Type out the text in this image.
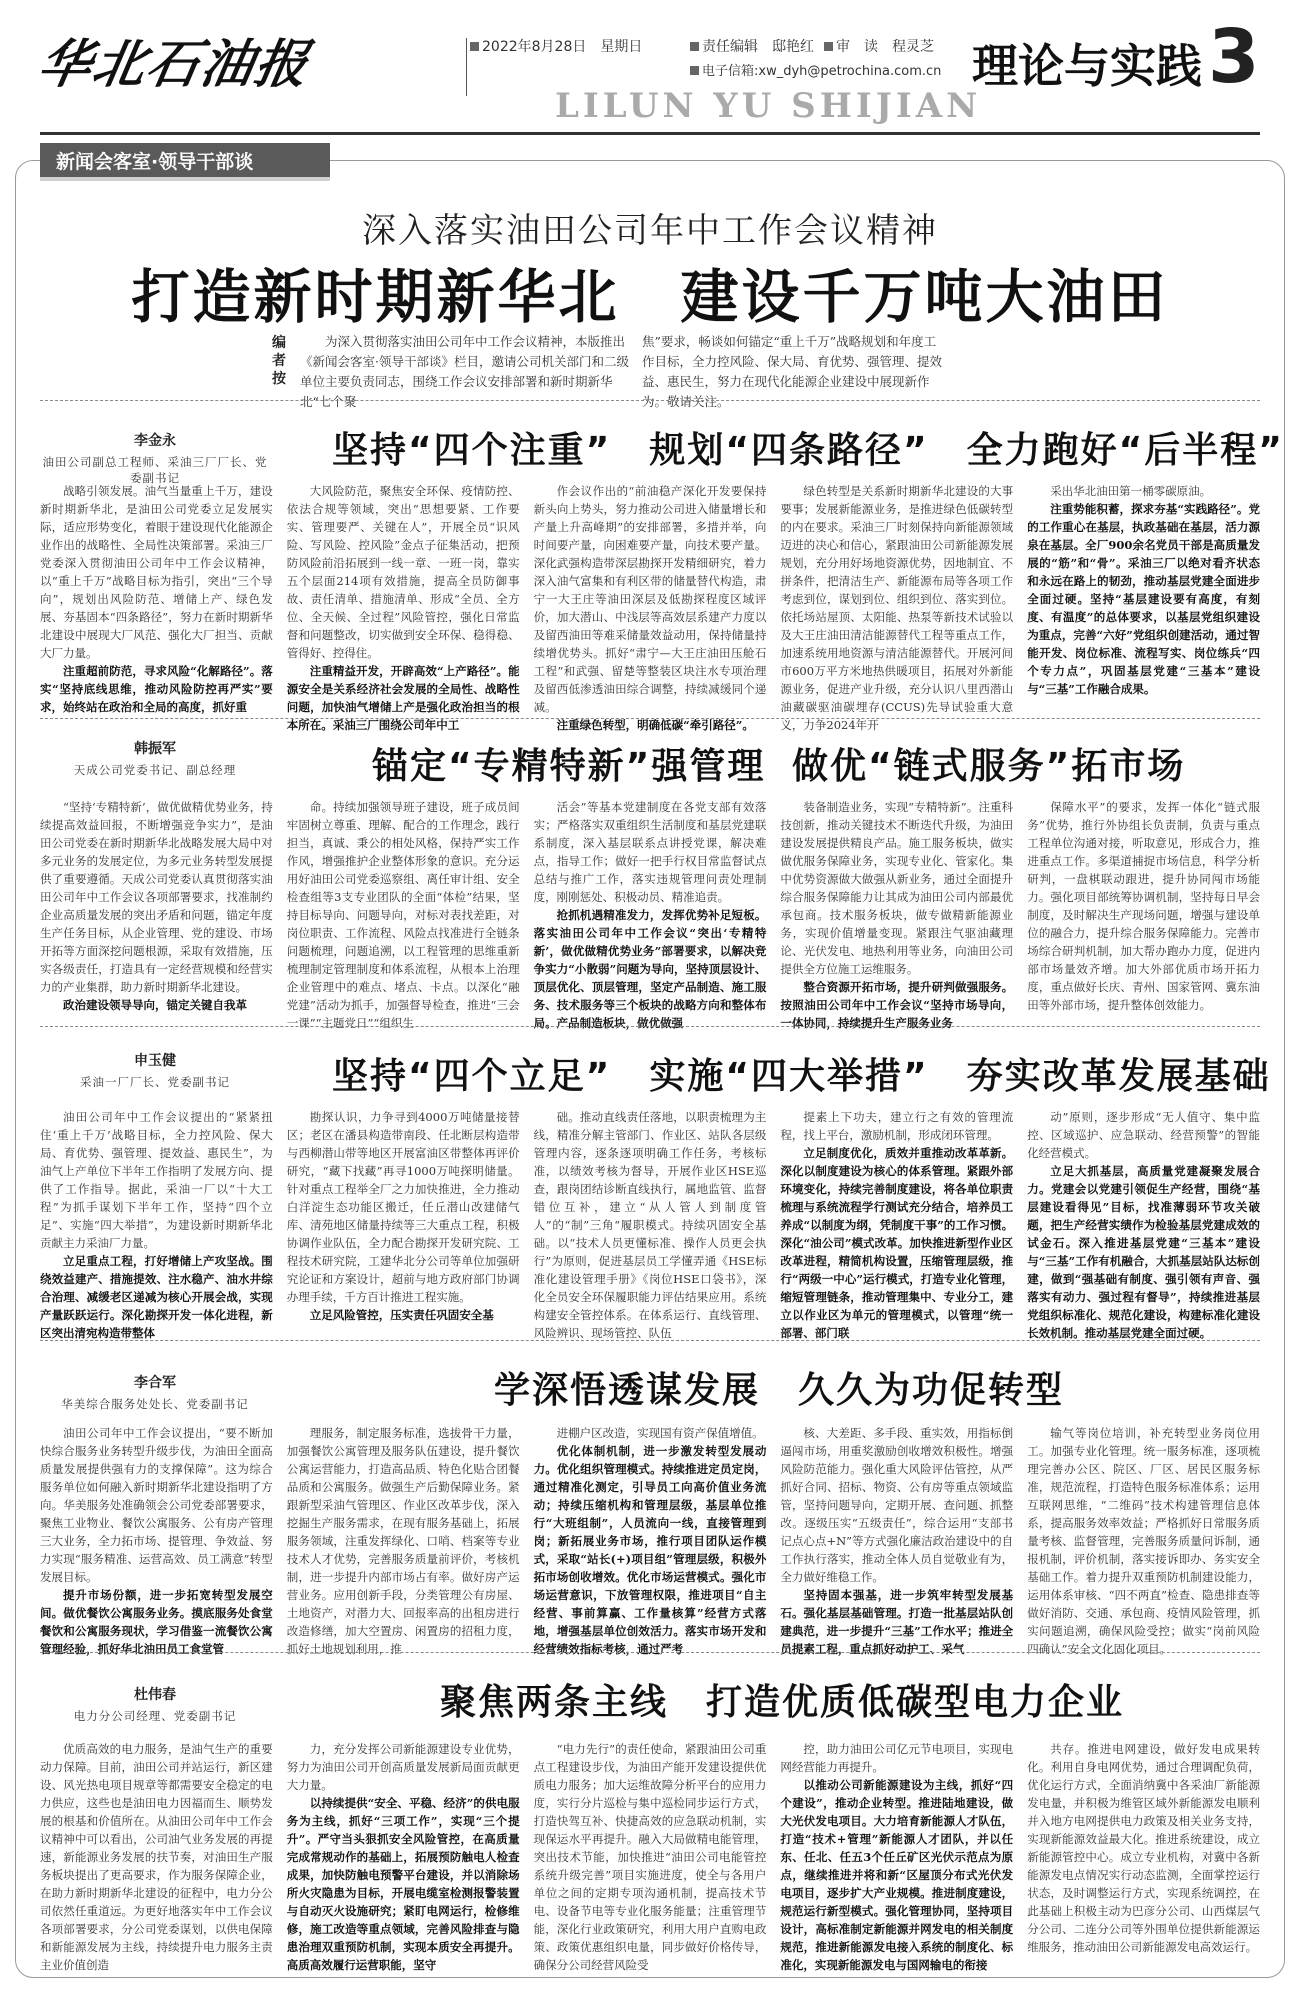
华北石油报	2022年8月28日　星期日	责任编辑　邸艳红 审　读　程灵芝
电子信箱:xw_dyh@petrochina.com.cn
LILUN YU SHIJIAN
理论与实践 3
新闻会客室·领导干部谈
深入落实油田公司年中工作会议精神
打造新时期新华北　建设千万吨大油田
编者按
为深入贯彻落实油田公司年中工作会议精神，本版推出《新闻会客室·领导干部谈》栏目，邀请公司机关部门和二级单位主要负责同志，围绕工作会议安排部署和新时期新华北“七个聚
焦”要求，畅谈如何锚定“重上千万”战略规划和年度工作目标，全力控风险、保大局、育优势、强管理、提效益、惠民生，努力在现代化能源企业建设中展现新作为。敬请关注。
李金永
油田公司副总工程师、采油三厂厂长、党委副书记
坚持“四个注重”　规划“四条路径”　全力跑好“后半程”

战略引领发展。油气当量重上千万，建设新时期新华北，是油田公司党委立足发展实际，适应形势变化，着眼于建设现代化能源企业作出的战略性、全局性决策部署。采油三厂党委深入贯彻油田公司年中工作会议精神，以“重上千万”战略目标为指引，突出“三个导向”，规划出风险防范、增储上产、绿色发展、夯基固本“四条路径”，努力在新时期新华北建设中展现大厂风范、强化大厂担当、贡献大厂力量。

注重超前防范，寻求风险“化解路径”。落实“坚持底线思维，推动风险防控再严实”要求，始终站在政治和全局的高度，抓好重

大风险防范，聚焦安全环保、疫情防控、依法合规等领域，突出“思想要紧、工作要实、管理要严、关键在人”，开展全员“识风险、写风险、控风险”金点子征集活动，把预防风险前沿拓展到一线一章、一班一岗，靠实五个层面214项有效措施，提高全员防御事故、责任清单、措施清单、形成“全员、全方位、全天候、全过程”风险管控，强化日常监督和问题整改，切实做到安全环保、稳得稳、管得好、控得住。

注重精益开发，开辟高效“上产路径”。能源安全是关系经济社会发展的全局性、战略性问题，加快油气增储上产是强化政治担当的根本所在。采油三厂围绕公司年中工

作会议作出的“前油稳产深化开发要保持新头向上势头，努力推动公司进入储量增长和产量上升高峰期”的安排部署，多措并举，向时间要产量，向困难要产量，向技术要产量。深化武强构造带深层勘探开发精细研究，着力深入油气富集和有利区带的储量替代构造，肃宁一大王庄等油田深层及低勘探程度区域评价，加大潜山、中浅层等高效层系建产力度以及留西油田等难采储量效益动用，保持储量持续增优势头。抓好“肃宁—大王庄油田压舱石工程”和武强、留楚等整装区块注水专项治理及留西低渗透油田综合调整，持续减缓同个递减。

注重绿色转型，明确低碳“牵引路径”。

绿色转型是关系新时期新华北建设的大事要事；发展新能源业务，是推进绿色低碳转型的内在要求。采油三厂时刻保持向新能源领域迈进的决心和信心，紧跟油田公司新能源发展规划，充分用好场地资源优势，因地制宜、不拼条件，把清洁生产、新能源布局等各项工作考虑到位，谋划到位、组织到位、落实到位。依托场站屋顶、太阳能、热泵等新技术试验以及大王庄油田清洁能源替代工程等重点工作，加速系统用地资源与清洁能源替代。开展河间市600万平方米地热供暖项目，拓展对外新能源业务，促进产业升级，充分认识八里西潜山油藏碳驱油碳埋存(CCUS)先导试验重大意义，力争2024年开

采出华北油田第一桶零碳原油。

注重势能积蓄，探求夯基“实践路径”。党的工作重心在基层，执政基础在基层，活力源泉在基层。全厂900余名党员干部是高质量发展的“筋”和“骨”。采油三厂以绝对看齐状态和永远在路上的韧劲，推动基层党建全面进步全面过硬。坚持“基层建设要有高度，有刻度、有温度”的总体要求，以基层党组织建设为重点，完善“六好”党组织创建活动，通过智能开发、岗位标准、流程写实、岗位练兵“四个专力点”，巩固基层党建“三基本”建设与“三基”工作融合成果。

韩振军
天成公司党委书记、副总经理	锚定“专精特新”强管理 做优“链式服务”拓市场

“坚持‘专精特新’，做优做精优势业务，持续提高效益回报，不断增强竞争实力”，是油田公司党委在新时期新华北战略发展大局中对多元业务的发展定位，为多元业务转型发展提供了重要遵循。天成公司党委认真贯彻落实油田公司年中工作会议各项部署要求，找准制约企业高质量发展的突出矛盾和问题，锚定年度生产任务目标，从企业管理、党的建设、市场开拓等方面深挖问题根源，采取有效措施，压实各级责任，打造具有一定经营规模和经营实力的产业集群，助力新时期新华北建设。

政治建设领导导向，锚定关键自我革

命。持续加强领导班子建设，班子成员间牢固树立尊重、理解、配合的工作理念，践行担当，真诚、秉公的相处风格，保持严实工作作风，增强推护企业整体形象的意识。充分运用好油田公司党委巡察组、离任审计组、安全检查组等3支专业团队的全面“体检”结果，坚持目标导向、问题导向，对标对表找差距，对岗位职责、工作流程、风险点找准进行全链条问题梳理，问题追溯，以工程管理的思维重新梳理制定管理制度和体系流程，从根本上治理企业管理中的难点、堵点、卡点。以深化“融党建”活动为抓手，加强督导检查，推进“三会一课”“主题党日”“组织生

活会”等基本党建制度在各党支部有效落实；严格落实双重组织生活制度和基层党建联系制度，深入基层联系点讲授党课，解决难点，指导工作；做好一把手行权目常监督试点总结与推广工作，落实违规管理问责处理制度，刚刚惩处、积极动员、精准追责。

抢抓机遇精准发力，发挥优势补足短板。落实油田公司年中工作会议“突出‘专精特新’，做优做精优势业务”部署要求，以解决竞争实力“小散弱”问题为导向，坚持顶层设计、顶层优化、顶层管理，坚定产品制造、施工服务、技术服务等三个板块的战略方向和整体布局。产品制造板块，做优做强

装备制造业务，实现“专精特新”。注重科技创新，推动关键技术不断迭代升级，为油田建设发展提供精良产品。施工服务板块，做实做优服务保障业务，实现专业化、管家化。集中优势资源做大做强从新业务，通过全面提升综合服务保障能力让其成为油田公司内部最优承包商。技术服务板块，做专做精新能源业务，实现价值增量变现。紧跟注气驱油藏理论、光伏发电、地热利用等业务，向油田公司提供全方位施工运维服务。

整合资源开拓市场，提升研判做强服务。按照油田公司年中工作会议“坚持市场导向，一体协同，持续提升生产服务业务

保障水平”的要求，发挥一体化“链式服务”优势，推行外协组长负责制，负责与重点工程单位沟通对接，听取意见，形成合力，推进重点工作。多渠道捕捉市场信息，科学分析研判，一盘棋联动跟进，提升协同闯市场能力。强化项目部统筹协调机制，坚持每日早会制度，及时解决生产现场问题，增强与建设单位的融合力，提升综合服务保障能力。完善市场综合研判机制，加大帮办跑办力度，促进内部市场量效齐增。加大外部优质市场开拓力度，重点做好长庆、青州、国家管网、冀东油田等外部市场，提升整体创效能力。

申玉健
采油一厂厂长、党委副书记	坚持“四个立足”　实施“四大举措”　夯实改革发展基础

油田公司年中工作会议提出的“紧紧扭住‘重上千万’战略目标，全力控风险、保大局、育优势、强管理、提效益、惠民生”，为油气上产单位下半年工作指明了发展方向、提供了工作指导。据此，采油一厂以“十大工程”为抓手谋划下半年工作，坚持“四个立足”、实施“四大举措”，为建设新时期新华北贡献主力采油厂力量。

立足重点工程，打好增储上产攻坚战。围绕效益建产、措施提效、注水稳产、油水井综合治理、减缓老区递减为核心开展会战，实现产量跃跃运行。深化勘探开发一体化进程，新区突出清宛构造带整体

勘探认识，力争寻到4000万吨储量接替区；老区在潘县构造带南段、任北断层构造带与西柳潜山带等地区开展富油区带整体再评价研究，“藏下找藏”再寻1000万吨探明储量。针对重点工程举全厂之力加快推进，全力推动白洋淀生态功能区搬迁，任丘潜山改建储气库、清苑地区储量持续等三大重点工程，积极协调作业队伍，全力配合勘探开发研究院、工程技术研究院，工建华北分公司等单位加强研究论证和方案设计，超前与地方政府部门协调办理手续，千方百计推进工程实施。

立足风险管控，压实责任巩固安全基

础。推动直线责任落地，以职责梳理为主线，精准分解主管部门、作业区、站队各层级管理内容，逐条逐项明确工作任务，考核标准，以绩效考核为督导，开展作业区HSE巡查，跟岗团结诊断直线执行，属地监管、监督错位互补，建立“从人管人到制度管人”的“制”三角“履职模式。持续巩固安全基础。以“技术人员更懂标准、操作人员更会执行”为原则，促进基层员工学懂弄通《HSE标准化建设管理手册》《岗位HSE口袋书》，深化全员安全环保履职能力评估结果应用。系统构建安全管控体系。在体系运行、直线管理、风险辨识、现场管控、队伍

提素上下功夫，建立行之有效的管理流程，找上平台，激励机制，形成闭环管理。

立足制度优化，质效并重推动改革革新。深化以制度建设为核心的体系管理。紧跟外部环境变化，持续完善制度建设，将各单位职责梳理与系统流程学行测试充分结合，培养员工养成“以制度为纲，凭制度干事”的工作习惯。深化“油公司”模式改革。加快推进新型作业区改革进程，精简机构设置，压缩管理层级，推行“两级一中心”运行模式，打造专业化管理，缩短管理链条，推动管理集中、专业分工，建立以作业区为单元的管理模式，以管理“统一部署、部门联

动”原则，逐步形成“无人值守、集中监控、区域巡护、应急联动、经营预警”的智能化经营模式。

立足大抓基层，高质量党建凝聚发展合力。党建会以党建引领促生产经营，围绕“基层建设看得见”目标，找准薄弱环节攻关破题，把生产经营实绩作为检验基层党建成效的试金石。深入推进基层党建“三基本”建设与“三基”工作有机融合，大抓基层站队达标创建，做到“强基础有制度、强引领有声音、强落实有动力、强过程有督导”，持续推进基层党组织标准化、规范化建设，构建标准化建设长效机制。推动基层党建全面过硬。

李合军
华美综合服务处处长、党委副书记	学深悟透谋发展　久久为功促转型

油田公司年中工作会议提出，“要不断加快综合服务业务转型升级步伐，为油田全面高质量发展提供强有力的支撑保障”。这为综合服务单位如何融入新时期新华北建设指明了方向。华美服务处准确领会公司党委部署要求，聚焦工业物业、餐饮公寓服务、公有房产管理三大业务，全力拓市场、提管理、争效益、努力实现“服务精准、运营高效、员工满意”转型发展目标。

提升市场份额，进一步拓宽转型发展空间。做优餐饮公寓服务业务。摸底服务处食堂餐饮和公寓服务现状，学习借鉴一流餐饮公寓管理经验，抓好华北油田员工食堂管

理服务，制定服务标准，选拔骨干力量，加强餐饮公寓管理及服务队伍建设，提升餐饮公寓运营能力，打造高品质、特色化贴合团餐品质和公寓服务。做强生产后勤保障业务。紧跟新型采油气管理区、作业区改革步伐，深入挖掘生产服务需求，在现有服务基础上，拓展服务领域，注重发挥绿化、口哨、档案等专业技术人才优势，完善服务质量前评价，考核机制，进一步提升内部市场占有率。做好房产运营业务。应用创新手段，分类管理公有房屋、土地资产，对潜力大、回报率高的出租房进行改造修缮，加大空置房、闲置房的招租力度，抓好土地规划利用，推

进棚户区改造，实现国有资产保值增值。

优化体制机制，进一步激发转型发展动力。优化组织管理模式。持续推进定员定岗，通过精准化测定，引导员工向高价值业务流动；持续压缩机构和管理层级，基层单位推行“大班组制”，人员流向一线，直接管理到岗；新拓展业务市场，推行项目团队运作模式，采取“站长(+)项目组”管理层级，积极外拓市场创收增效。优化市场运营模式。强化市场运营意识，下放管理权限，推进项目“自主经营、事前算赢、工作量核算”经营方式落地，增强基层单位创效活力。落实市场开发和经营绩效指标考核，通过严考

核、大差距、多手段、重实效，用指标倒逼闯市场，用重奖激励创收增效积极性。增强风险防范能力。强化重大风险评估管控，从严抓好合同、招标、物资、公有房等重点领域监管，坚持问题导向，定期开展、查问题、抓整改。逐级压实“五级责任”，综合运用“支部书记点心点+N”等方式强化廉洁政治建设中的自工作执行落实，推动全体人员自觉敬业有为，全力做好维稳工作。

坚持固本强基，进一步筑牢转型发展基石。强化基层基础管理。打造一批基层站队创建典范，进一步提升“三基”工作水平；推进全员提素工程，重点抓好动护工、采气

输气等岗位培训，补充转型业务岗位用工。加强专业化管理。统一服务标准，逐项梳理完善办公区、院区、厂区、居民区服务标准，规范流程，打造特色服务标准体系；运用互联网思维，“二维码”技术构建管理信息体系，提高服务效率效益；严格抓好日常服务质量考核、监督管理，完善服务质量问诉制，通报机制，评价机制，落实接诉即办、务实安全基础工作。着力提升双重预防机制建设能力，运用体系审核、“四不两直”检查、隐患排查等做好消防、交通、承包商、疫情风险管理，抓实问题追溯，确保风险受控；做实“岗前风险四确认”安全文化固化项目。

杜伟春
电力分公司经理、党委副书记	聚焦两条主线　打造优质低碳型电力企业

优质高效的电力服务，是油气生产的重要动力保障。目前，油田公司并站运行，新区建设、风光热电项目规章等都需要安全稳定的电力供应，这些也是油田电力因福而生、顺势发展的根基和价值所在。从油田公司年中工作会议精神中可以看出，公司油气业务发展的再提速，新能源业务发展的扶节奏，对油田生产服务板块提出了更高要求，作为服务保障企业，在助力新时期新华北建设的征程中，电力分公司依然任重道远。为更好地落实年中工作会议各项部署要求，分公司党委谋划，以供电保障和新能源发展为主线，持续提升电力服务主责主业价值创造

力，充分发挥公司新能源建设专业优势，努力为油田公司开创高质量发展新局面贡献更大力量。

以持续提供“安全、平稳、经济”的供电服务为主线，抓好“三项工作”，实现“三个提升”。严守当头狠抓安全风险管控，在高质量完成常规动作的基础上，拓展预防触电人检查成果，加快防触电预警平台建设，并以消除场所火灾隐患为目标，开展电缆室检测报警装置与自动灭火设施研究；紧盯电网运行，检修维修，施工改造等重点领域，完善风险排查与隐患治理双重预防机制，实现本质安全再提升。高质高效履行运营职能，坚守

“电力先行”的责任使命，紧跟油田公司重点工程建设步伐，为油田产能开发建设提供优质电力服务；加大运维故障分析平台的应用力度，实行分片巡检与集中巡检同步运行方式，打造快驾互补、快捷高效的应急联动机制，实现保运水平再提升。融入大局做精电能管理，突出技术节能，加快推进“油田公司电能管控系统升级完善”项目实施进度，使全与各用户单位之间的定期专项沟通机制，提高技术节电、设备节电等专业化服务能量；注重管理节能，深化行业政策研究，利用大用户直购电政策、政策优惠组织电量，同步做好价格传导，确保分公司经营风险受

控，助力油田公司亿元节电项目，实现电网经营能力再提升。

以推动公司新能源建设为主线，抓好“四个建设”，推动企业转型。推进陆地建设，做大光伏发电项目。大力培育新能源人才队伍，打造“技术+管理”新能源人才团队，并以任东、任北、任五3个任丘矿区光伏示范点为原点，继续推进并将和新“区屋顶分布式光伏发电项目，逐步扩大产业规模。推进制度建设，规范运行新型模式。强化管理协同，坚持项目设计，高标准制定新能源并网发电的相关制度规范，推进新能源发电接入系统的制度化、标准化，实现新能源发电与国网输电的衔接

共存。推进电网建设，做好发电成果转化。利用自身电网优势，通过合理调配负荷，优化运行方式，全面消纳冀中各采油厂新能源发电量，并积极为维管区域外新能源发电顺利并入地方电网提供电力政策及相关业务支持，实现新能源效益最大化。推进系统建设，成立新能源管控中心。成立专业机构，对冀中各新能源发电点情况实行动态监测，全面掌控运行状态，及时调整运行方式，实现系统调控，在此基础上积极主动为巴彦分公司、山西煤层气分公司、二连分公司等外围单位提供新能源运维服务，推动油田公司新能源发电高效运行。
